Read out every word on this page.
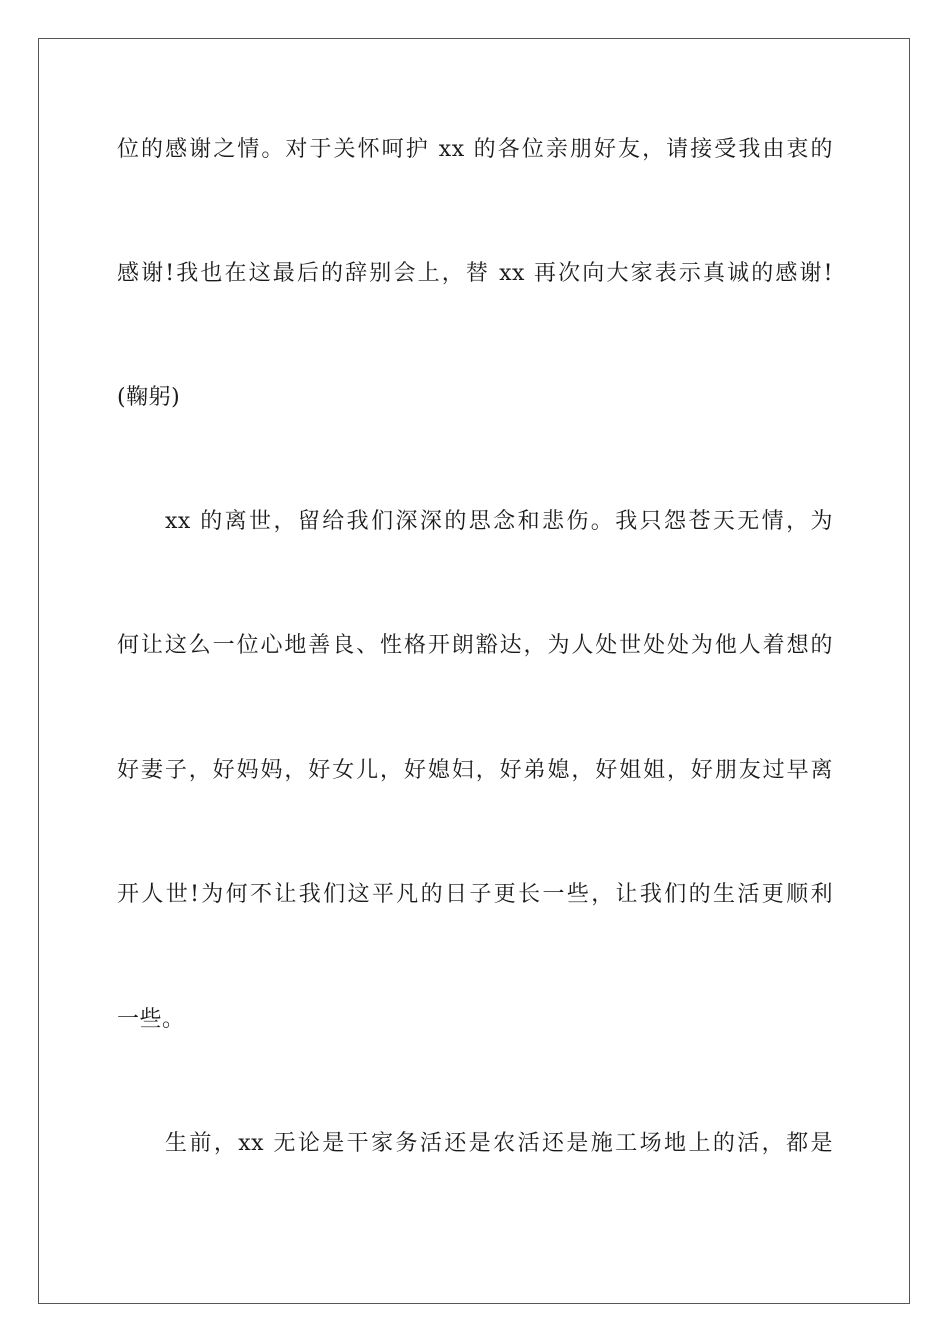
位的感谢之情。对于关怀呵护 xx 的各位亲朋好友，请接受我由衷的
感谢!我也在这最后的辞别会上，替 xx 再次向大家表示真诚的感谢!
(鞠躬)
xx 的离世，留给我们深深的思念和悲伤。我只怨苍天无情，为
何让这么一位心地善良、性格开朗豁达，为人处世处处为他人着想的
好妻子，好妈妈，好女儿，好媳妇，好弟媳，好姐姐，好朋友过早离
开人世!为何不让我们这平凡的日子更长一些，让我们的生活更顺利
一些。
生前，xx 无论是干家务活还是农活还是施工场地上的活，都是
